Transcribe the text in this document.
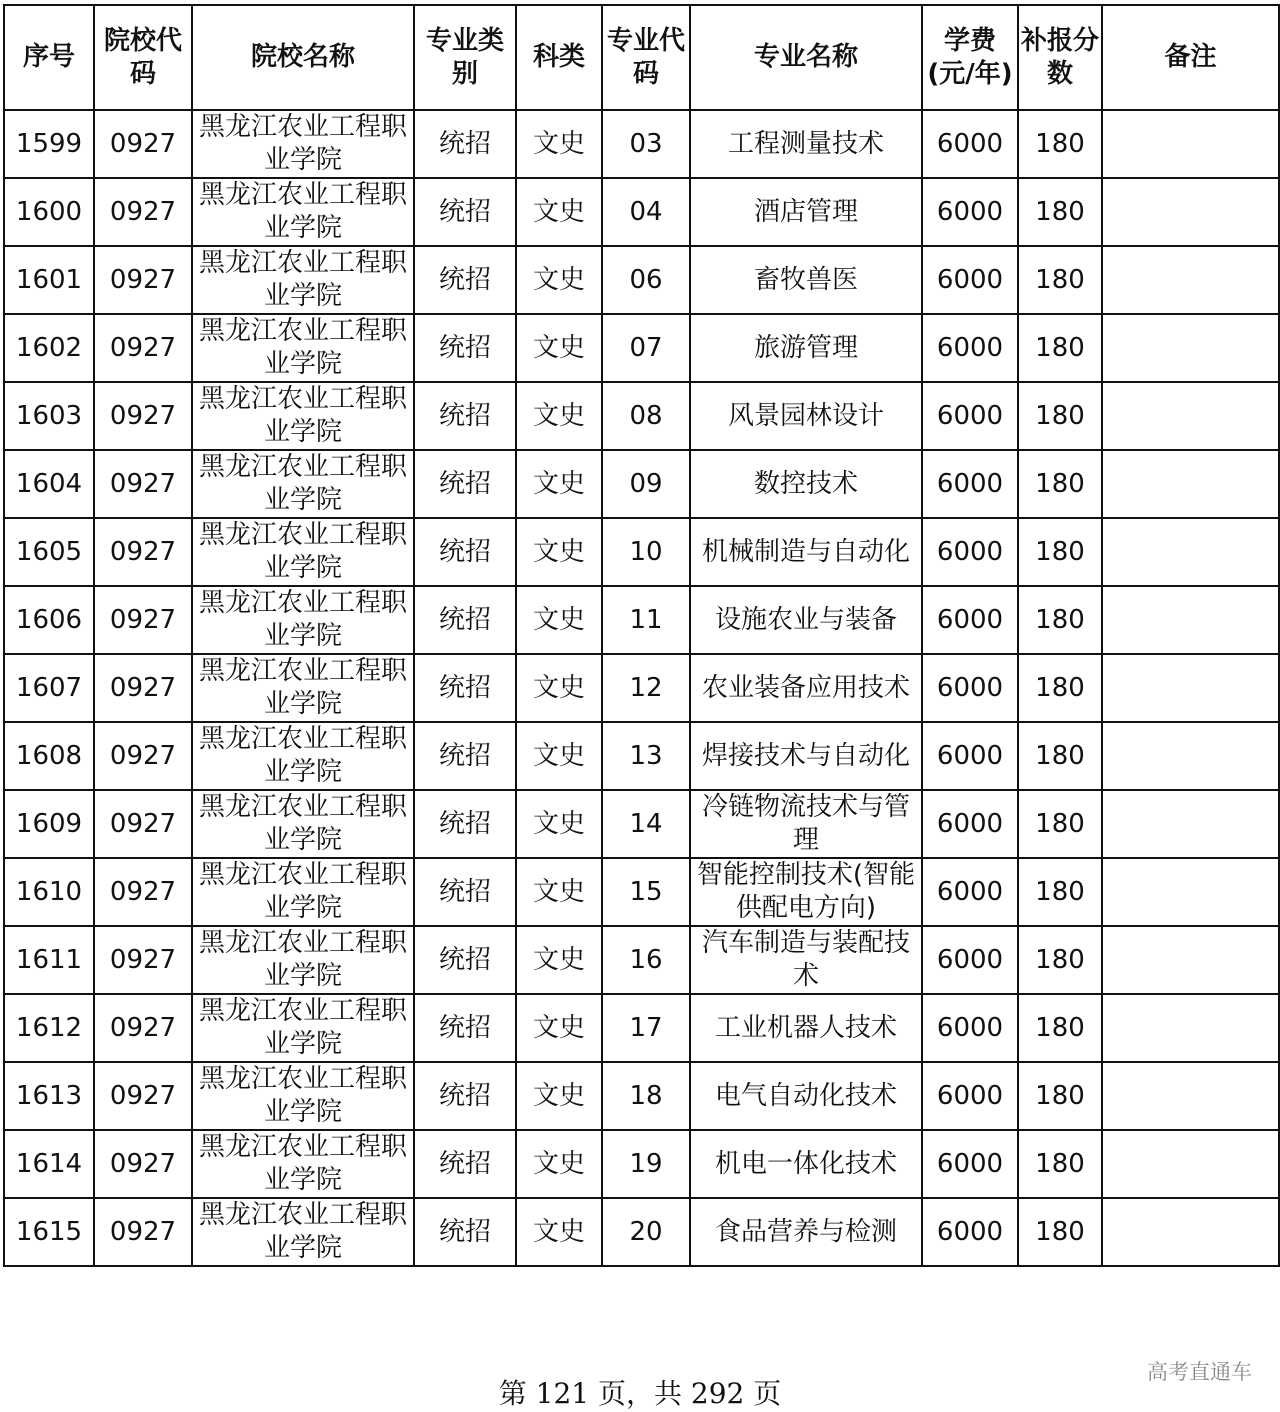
序号	院校代码	院校名称	专业类别	科类	专业代码	专业名称	学费(元/年)	补报分数	备注
1599	0927	黑龙江农业工程职业学院	统招	文史	03	工程测量技术	6000	180	
1600	0927	黑龙江农业工程职业学院	统招	文史	04	酒店管理	6000	180	
1601	0927	黑龙江农业工程职业学院	统招	文史	06	畜牧兽医	6000	180	
1602	0927	黑龙江农业工程职业学院	统招	文史	07	旅游管理	6000	180	
1603	0927	黑龙江农业工程职业学院	统招	文史	08	风景园林设计	6000	180	
1604	0927	黑龙江农业工程职业学院	统招	文史	09	数控技术	6000	180	
1605	0927	黑龙江农业工程职业学院	统招	文史	10	机械制造与自动化	6000	180	
1606	0927	黑龙江农业工程职业学院	统招	文史	11	设施农业与装备	6000	180	
1607	0927	黑龙江农业工程职业学院	统招	文史	12	农业装备应用技术	6000	180	
1608	0927	黑龙江农业工程职业学院	统招	文史	13	焊接技术与自动化	6000	180	
1609	0927	黑龙江农业工程职业学院	统招	文史	14	冷链物流技术与管理	6000	180	
1610	0927	黑龙江农业工程职业学院	统招	文史	15	智能控制技术(智能供配电方向)	6000	180	
1611	0927	黑龙江农业工程职业学院	统招	文史	16	汽车制造与装配技术	6000	180	
1612	0927	黑龙江农业工程职业学院	统招	文史	17	工业机器人技术	6000	180	
1613	0927	黑龙江农业工程职业学院	统招	文史	18	电气自动化技术	6000	180	
1614	0927	黑龙江农业工程职业学院	统招	文史	19	机电一体化技术	6000	180	
1615	0927	黑龙江农业工程职业学院	统招	文史	20	食品营养与检测	6000	180	
第 121 页，共 292 页
高考直通车
